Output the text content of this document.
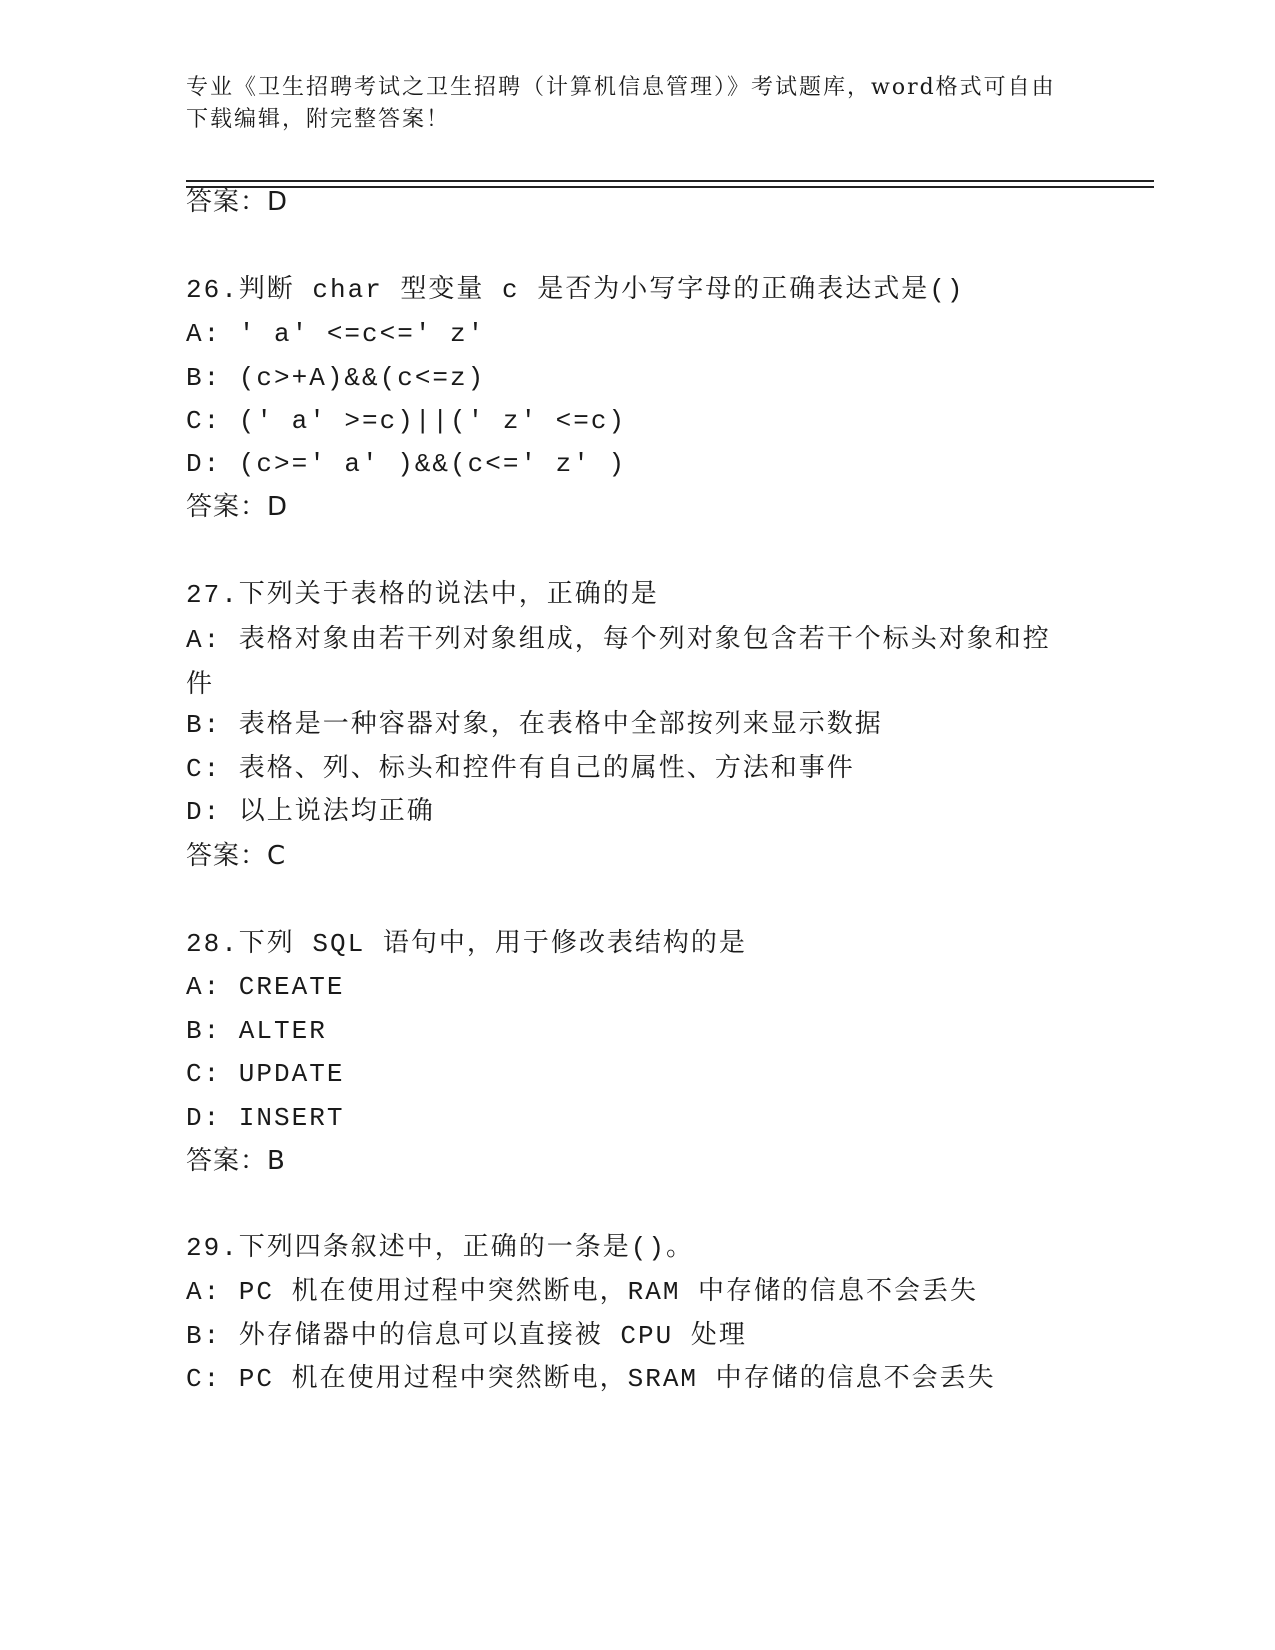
专业《卫生招聘考试之卫生招聘（计算机信息管理）》考试题库，word格式可自由下载编辑，附完整答案！
答案：D
26.判断 char 型变量 c 是否为小写字母的正确表达式是()
A: ′ a′ <=c<=′ z′
B: (c>+A)&&(c<=z)
C: (′ a′ >=c)||(′ z′ <=c)
D: (c>=′ a′ )&&(c<=′ z′ )
答案：D
27.下列关于表格的说法中，正确的是
A: 表格对象由若干列对象组成，每个列对象包含若干个标头对象和控件
B: 表格是一种容器对象，在表格中全部按列来显示数据
C: 表格、列、标头和控件有自己的属性、方法和事件
D: 以上说法均正确
答案：C
28.下列 SQL 语句中，用于修改表结构的是
A: CREATE
B: ALTER
C: UPDATE
D: INSERT
答案：B
29.下列四条叙述中，正确的一条是()。
A: PC 机在使用过程中突然断电，RAM 中存储的信息不会丢失
B: 外存储器中的信息可以直接被 CPU 处理
C: PC 机在使用过程中突然断电，SRAM 中存储的信息不会丢失
